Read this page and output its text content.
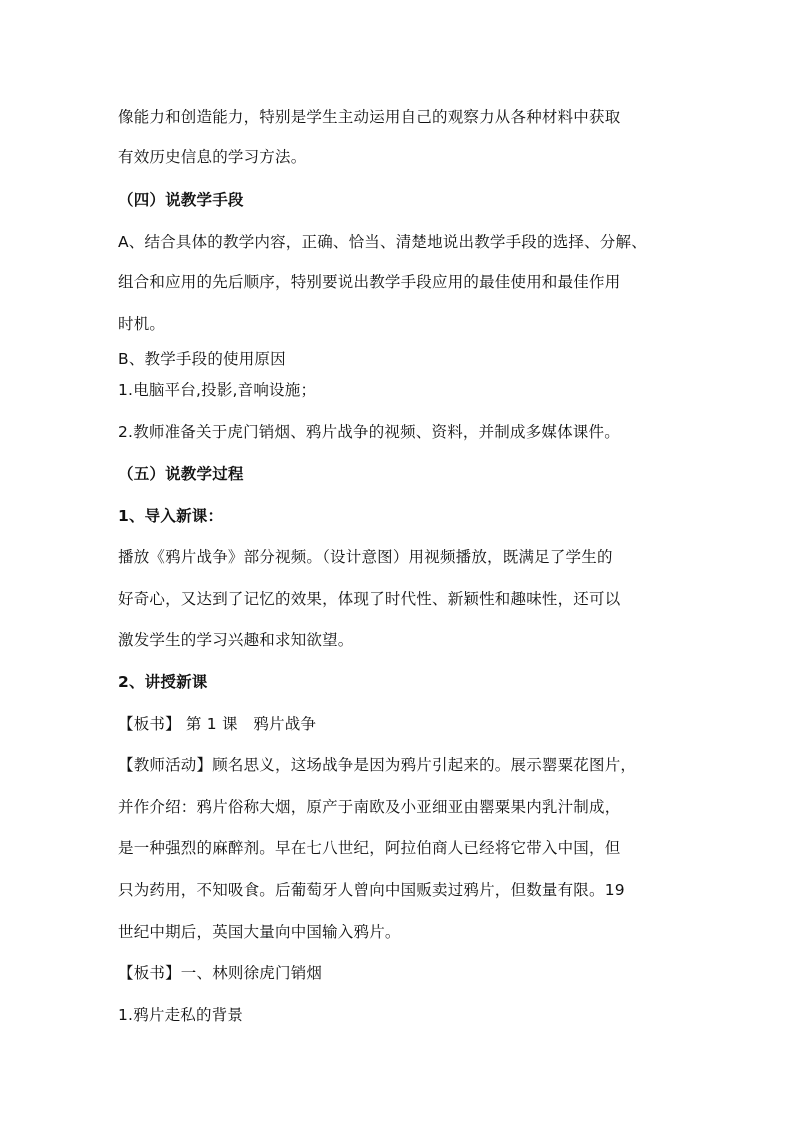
像能力和创造能力，特别是学生主动运用自己的观察力从各种材料中获取
有效历史信息的学习方法。
（四）说教学手段
A、结合具体的教学内容，正确、恰当、清楚地说出教学手段的选择、分解、
组合和应用的先后顺序，特别要说出教学手段应用的最佳使用和最佳作用
时机。
B、教学手段的使用原因
1.电脑平台,投影,音响设施；
2.教师准备关于虎门销烟、鸦片战争的视频、资料，并制成多媒体课件。
（五）说教学过程
1、导入新课：
播放《鸦片战争》部分视频。（设计意图）用视频播放，既满足了学生的
好奇心，又达到了记忆的效果，体现了时代性、新颖性和趣味性，还可以
激发学生的学习兴趣和求知欲望。
2、讲授新课
【板书】 第 1 课　鸦片战争
【教师活动】顾名思义，这场战争是因为鸦片引起来的。展示罂粟花图片，
并作介绍：鸦片俗称大烟，原产于南欧及小亚细亚由罂粟果内乳汁制成，
是一种强烈的麻醉剂。早在七八世纪，阿拉伯商人已经将它带入中国，但
只为药用，不知吸食。后葡萄牙人曾向中国贩卖过鸦片，但数量有限。19
世纪中期后，英国大量向中国输入鸦片。
【板书】一、林则徐虎门销烟
1.鸦片走私的背景
